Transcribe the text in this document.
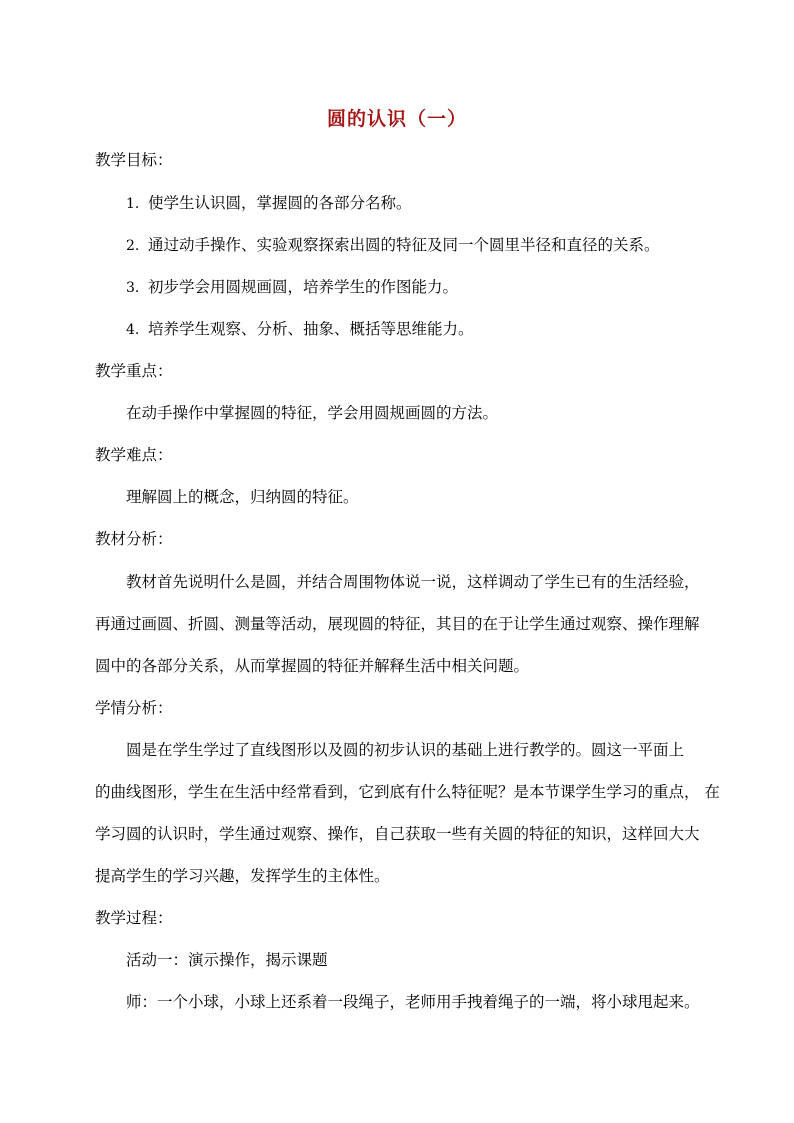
圆的认识（一）
教学目标：
1. 使学生认识圆，掌握圆的各部分名称。
2. 通过动手操作、实验观察探索出圆的特征及同一个圆里半径和直径的关系。
3. 初步学会用圆规画圆，培养学生的作图能力。
4. 培养学生观察、分析、抽象、概括等思维能力。
教学重点：
在动手操作中掌握圆的特征，学会用圆规画圆的方法。
教学难点：
理解圆上的概念，归纳圆的特征。
教材分析：
教材首先说明什么是圆，并结合周围物体说一说，这样调动了学生已有的生活经验，
再通过画圆、折圆、测量等活动，展现圆的特征，其目的在于让学生通过观察、操作理解
圆中的各部分关系，从而掌握圆的特征并解释生活中相关问题。
学情分析：
圆是在学生学过了直线图形以及圆的初步认识的基础上进行教学的。圆这一平面上
的曲线图形，学生在生活中经常看到，它到底有什么特征呢？是本节课学生学习的重点， 在
学习圆的认识时，学生通过观察、操作，自己获取一些有关圆的特征的知识，这样回大大
提高学生的学习兴趣，发挥学生的主体性。
教学过程：
活动一：演示操作，揭示课题
师：一个小球，小球上还系着一段绳子，老师用手拽着绳子的一端，将小球甩起来。
